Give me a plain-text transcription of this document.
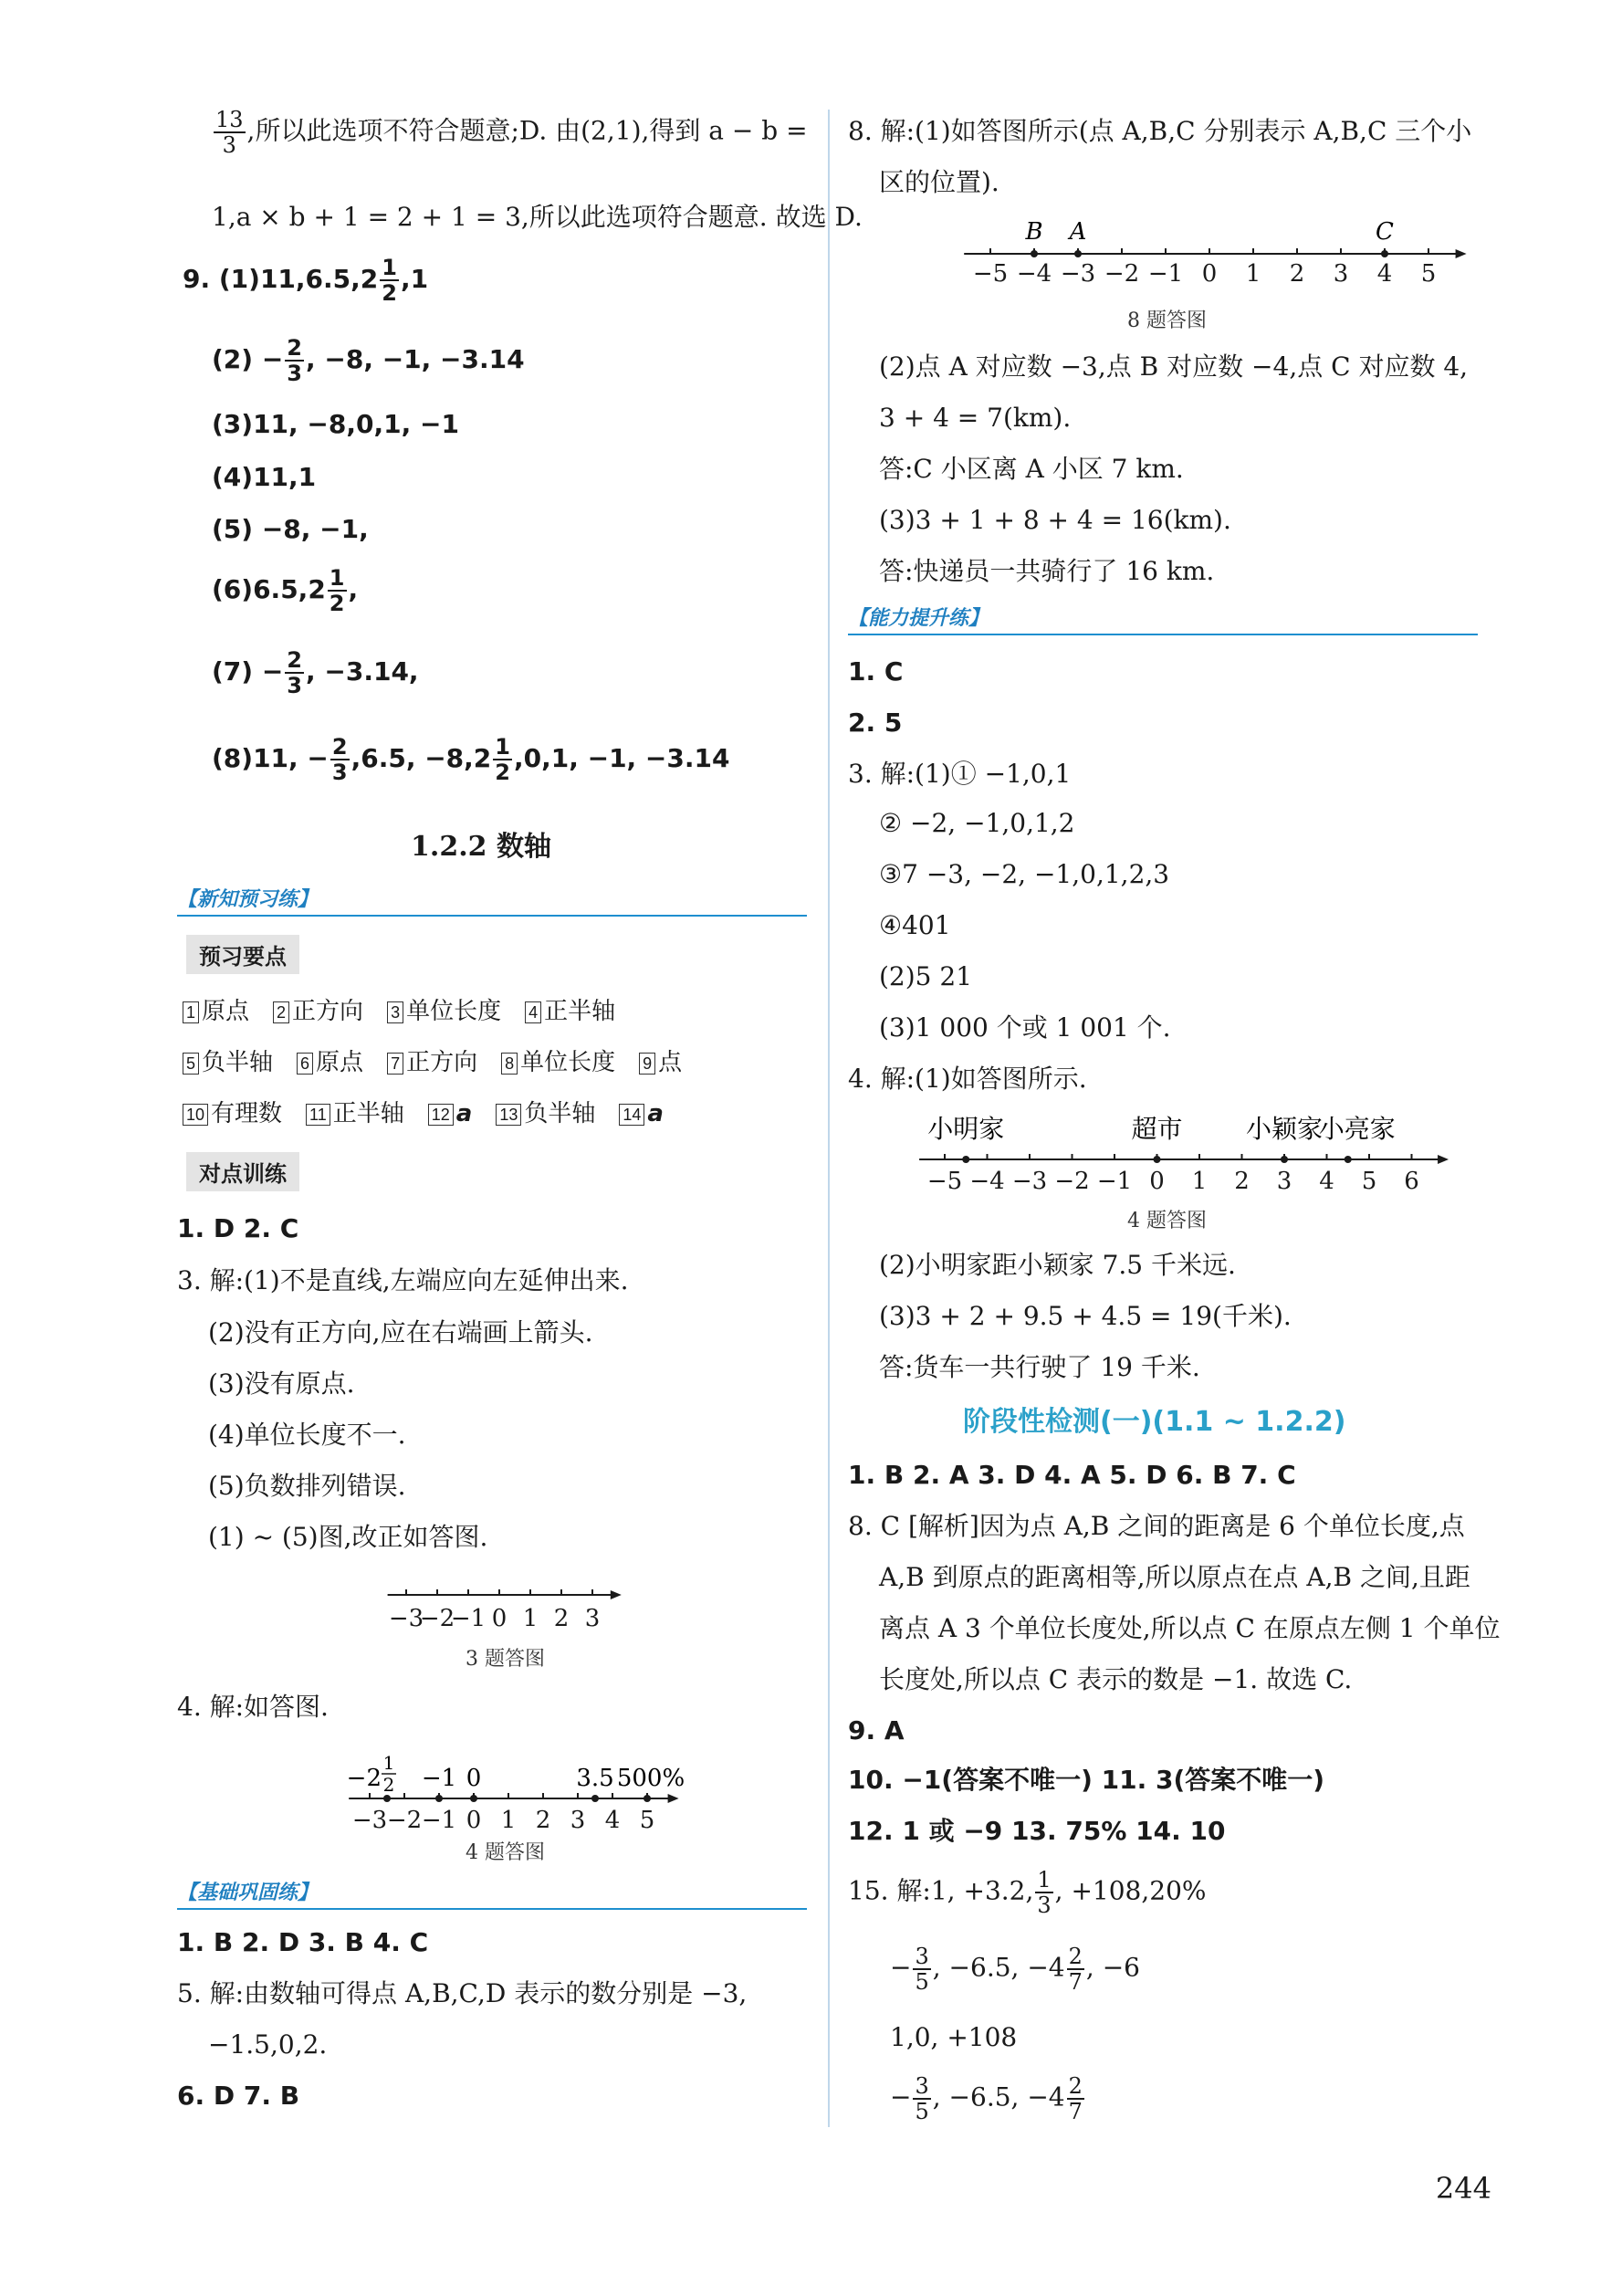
$\frac{13}{3}$ ,所以此选项不符合题意;D. 由(2,1),得到 a − b =
1,a × b + 1 = 2 + 1 = 3,所以此选项符合题意. 故选 D.
9. $(1)11,6.5,2 \frac{1}{2} ,1$
$(2) - \frac{2}{3}$ , −8, −1, −3.14
(3)11, −8,0,1, −1
(4)11,1
(5) −8, −1,
$(6)6.5,2 \frac{1}{2}$ ,
$(7) - \frac{2}{3}$ , −3.14,
(8)11, − $\frac{2}{3} ,6.5$, $-8,2 \frac{1}{2} ,0,1$, −1, −3.14
1.2.2 数轴
【新知预习练】
预习要点
1 原点 2 正方向 3 单位长度 4 正半轴
5 负半轴 6 原点 7 正方向 8 单位长度 9 点
10 有理数 11 正半轴 12 a 13 负半轴 14 a
对点训练
1. D 2. C
3. 解:(1)不是直线,左端应向左延伸出来.
(2)没有正方向,应在右端画上箭头.
(3)没有原点.
(4)单位长度不一.
(5)负数排列错误.
(1) ~ (5)图,改正如答图.
−3
−2
−1 0 1 2 3
3 题答图
4. 解:如答图.
−3 −2 −1 0 1 2 3 4 5
−2
1
2 −1 0	3.5 500%
4 题答图
【基础巩固练】
1. B 2. D 3. B 4. C
5. 解:由数轴可得点 A,B,C,D 表示的数分别是 −3,
−1.5,0,2.
6. D 7. B
8. 解:(1)如答图所示(点 A,B,C 分别表示 A,B,C 三个小
区的位置).
−5 −4 −3 −2 −1 0 1 2 3 4 5
B A	C
8 题答图
(2)点 A 对应数 −3,点 B 对应数 −4,点 C 对应数 4,
3 + 4 = 7(km).
答:C 小区离 A 小区 7 km.
(3)3 + 1 + 8 + 4 = 16(km).
答:快递员一共骑行了 16 km.
【能力提升练】
1. C
2. 5
3. 解:(1)① −1,0,1
② −2, −1,0,1,2
③7 −3, −2, −1,0,1,2,3
④401
(2)5 21
(3)1 000 个或 1 001 个.
4. 解:(1)如答图所示.
−5 −4 −3 −2 −1 0 1 2 3 4 5 6
小明家	超市 小颖家
小亮家
4 题答图
(2)小明家距小颖家 7.5 千米远.
(3)3 + 2 + 9.5 + 4.5 = 19(千米).
答:货车一共行驶了 19 千米.
阶段性检测(一)(1.1 ~ 1.2.2)
1. B 2. A 3. D 4. A 5. D 6. B 7. C
8. C [解析]因为点 A,B 之间的距离是 6 个单位长度,点
A,B 到原点的距离相等,所以原点在点 A,B 之间,且距
离点 A 3 个单位长度处,所以点 C 在原点左侧 1 个单位
长度处,所以点 C 表示的数是 −1. 故选 C.
9. A
10. −1(答案不唯一) 11. 3(答案不唯一)
12. 1 或 −9 13. 75% 14. 10
15. 解:1, +3.2, $\frac{1}{3}$ , +108,20%
− $\frac{3}{5}$ , −6.5, $-4 \frac{2}{7}$ , −6
1,0, +108
− $\frac{3}{5}$ , −6.5, $-4 \frac{2}{7}$
244
